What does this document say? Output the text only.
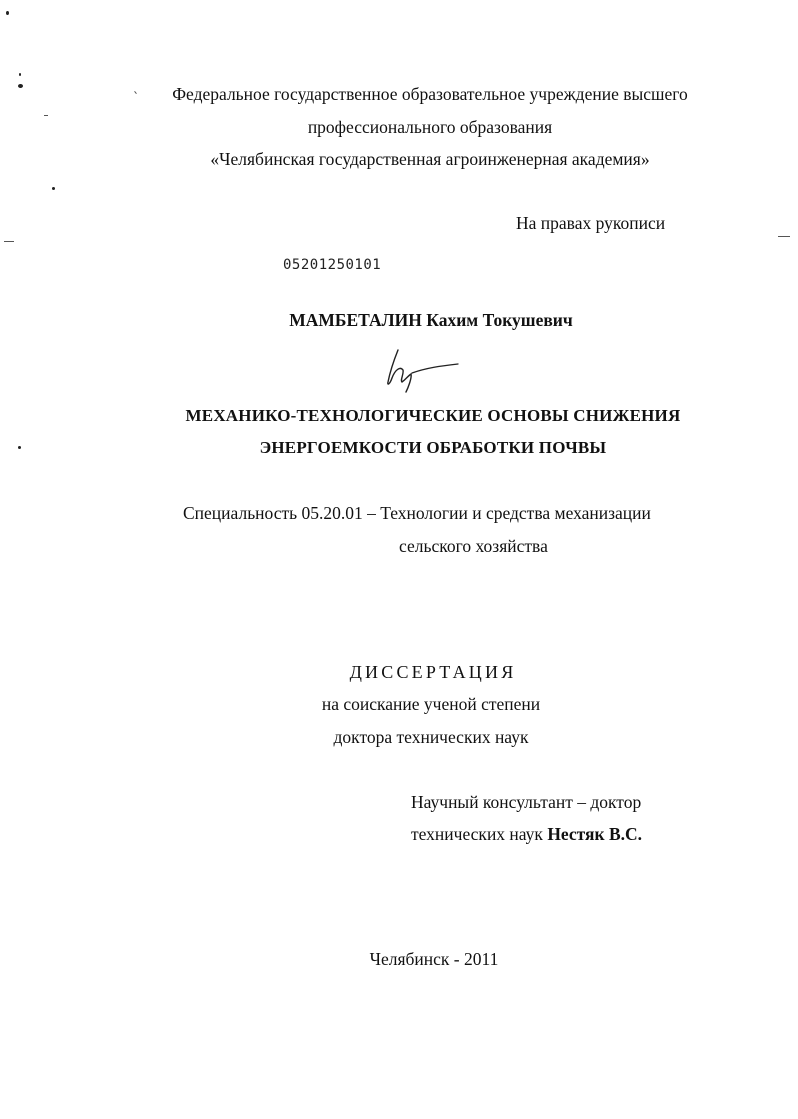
Федеральное государственное образовательное учреждение высшего
профессионального образования
«Челябинская государственная агроинженерная академия»
На правах рукописи
05201250101
МАМБЕТАЛИН Кахим Токушевич
МЕХАНИКО-ТЕХНОЛОГИЧЕСКИЕ ОСНОВЫ СНИЖЕНИЯ
ЭНЕРГОЕМКОСТИ ОБРАБОТКИ ПОЧВЫ
Специальность 05.20.01 – Технологии и средства механизации
сельского хозяйства
ДИССЕРТАЦИЯ
на соискание ученой степени
доктора технических наук
Научный консультант – доктор
технических наук Нестяк В.С.
Челябинск - 2011
